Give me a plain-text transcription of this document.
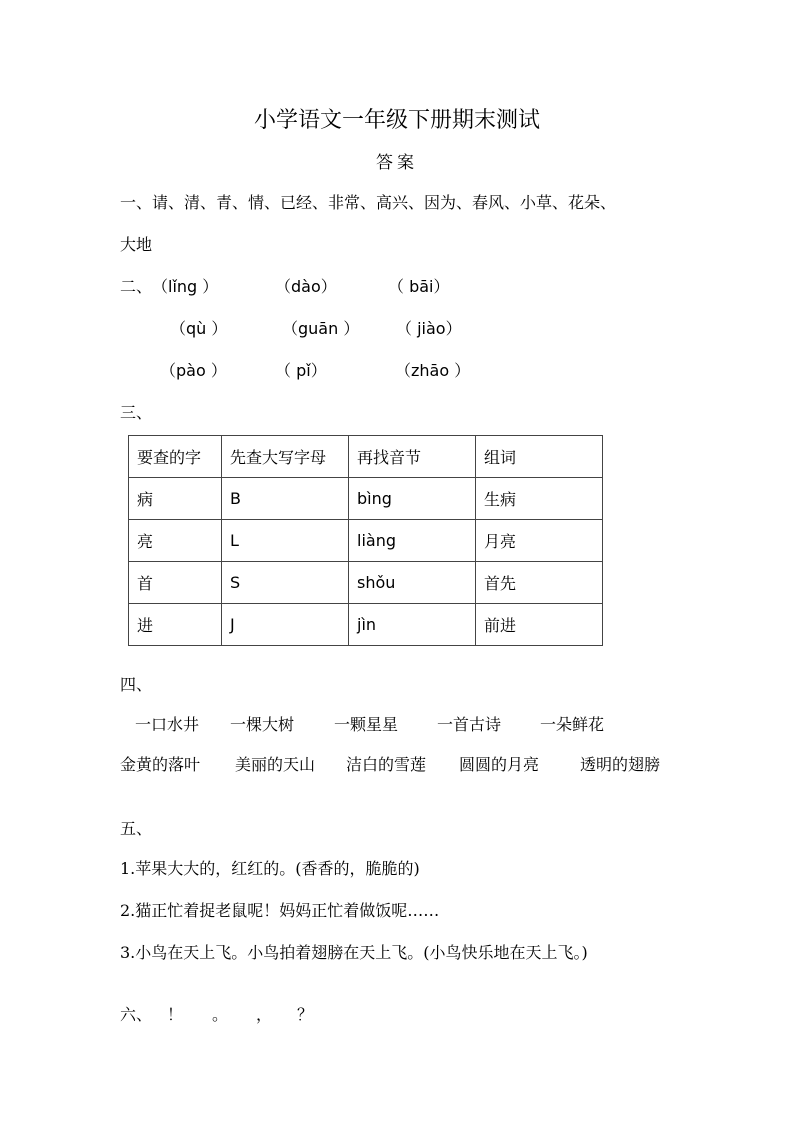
小学语文一年级下册期末测试
答案
一、请、清、青、情、已经、非常、高兴、因为、春风、小草、花朵、
大地
二、 （lǐng ）	（dào）	（ bāi）
（qù ）	（guān ） （ jiào）
（pào ）	（ pǐ）	（zhāo ）
三、
要查的字	先查大写字母	再找音节	组词
病	B	bìng	生病
亮	L	liàng	月亮
首	S	shǒu	首先
进	J	jìn	前进
四、
一口水井 一棵大树 一颗星星 一首古诗 一朵鲜花
金黄的落叶 美丽的天山 洁白的雪莲 圆圆的月亮	透明的翅膀
五、
1.苹果大大的，红红的。(香香的，脆脆的)
2.猫正忙着捉老鼠呢！妈妈正忙着做饭呢……
3.小鸟在天上飞。小鸟拍着翅膀在天上飞。(小鸟快乐地在天上飞。)
六、 ！ 。 ， ？
